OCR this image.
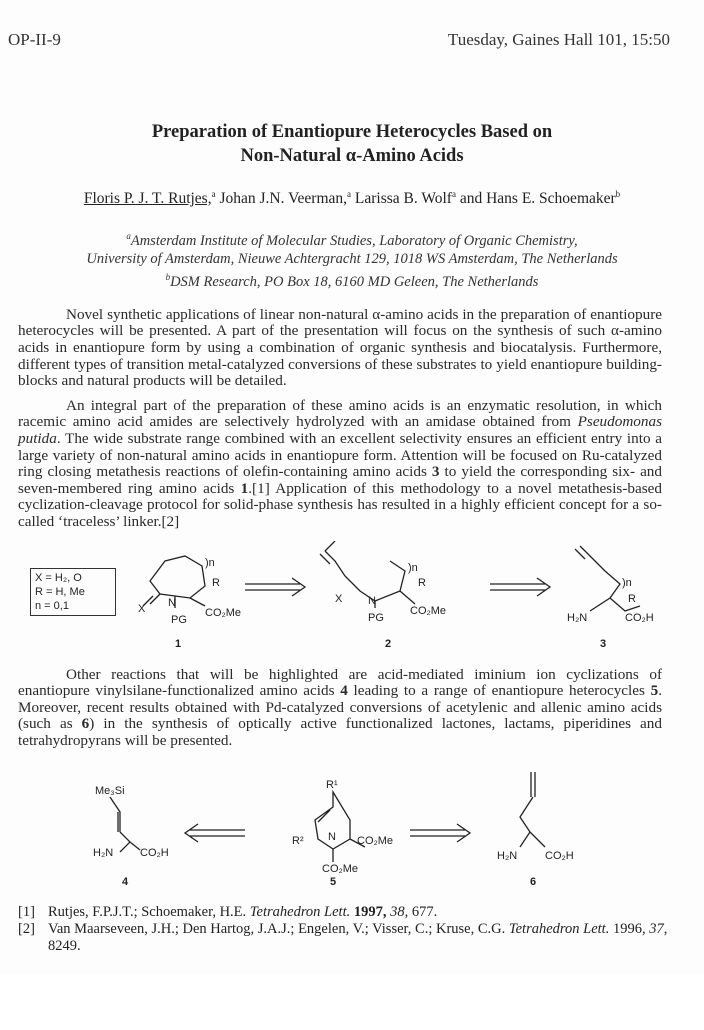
OP-II-9	Tuesday, Gaines Hall 101, 15:50
Preparation of Enantiopure Heterocycles Based on
Non-Natural α-Amino Acids
Floris P. J. T. Rutjes,$^a$ Johan J.N. Veerman,$^a$ Larissa B. Wolf$^a$ and Hans E. Schoemaker$^b$
$^a$Amsterdam Institute of Molecular Studies, Laboratory of Organic Chemistry,
University of Amsterdam, Nieuwe Achtergracht 129, 1018 WS Amsterdam, The Netherlands
$^b$DSM Research, PO Box 18, 6160 MD Geleen, The Netherlands
Novel synthetic applications of linear non-natural α-amino acids in the preparation of enantiopure heterocycles will be presented. A part of the presentation will focus on the synthesis of such α-amino acids in enantiopure form by using a combination of organic synthesis and biocatalysis. Furthermore, different types of transition metal-catalyzed conversions of these substrates to yield enantiopure building-blocks and natural products will be detailed.
An integral part of the preparation of these amino acids is an enzymatic resolution, in which racemic amino acid amides are selectively hydrolyzed with an amidase obtained from Pseudomonas putida. The wide substrate range combined with an excellent selectivity ensures an efficient entry into a large variety of non-natural amino acids in enantiopure form. Attention will be focused on Ru-catalyzed ring closing metathesis reactions of olefin-containing amino acids 3 to yield the corresponding six- and seven-membered ring amino acids 1.[1] Application of this methodology to a novel metathesis-based cyclization-cleavage protocol for solid-phase synthesis has resulted in a highly efficient concept for a so-called ‘traceless’ linker.[2]
X N
PG
R
CO₂Me
)n
1
X N
PG
R
CO₂Me
)n
2
H₂N
R
CO₂H
)n
3
X = H₂, O
R = H, Me
n = 0,1
Other reactions that will be highlighted are acid-mediated iminium ion cyclizations of enantiopure vinylsilane-functionalized amino acids 4 leading to a range of enantiopure heterocycles 5. Moreover, recent results obtained with Pd-catalyzed conversions of acetylenic and allenic amino acids (such as 6) in the synthesis of optically active functionalized lactones, lactams, piperidines and tetrahydropyrans will be presented.
Me₃Si
H₂N CO₂H
4
R¹
R² N CO₂Me
CO₂Me
5
H₂N	CO₂H
6
[1] Rutjes, F.P.J.T.; Schoemaker, H.E. Tetrahedron Lett. 1997, 38, 677.
[2] Van Maarseveen, J.H.; Den Hartog, J.A.J.; Engelen, V.; Visser, C.; Kruse, C.G. Tetrahedron Lett. 1996, 37, 8249.
